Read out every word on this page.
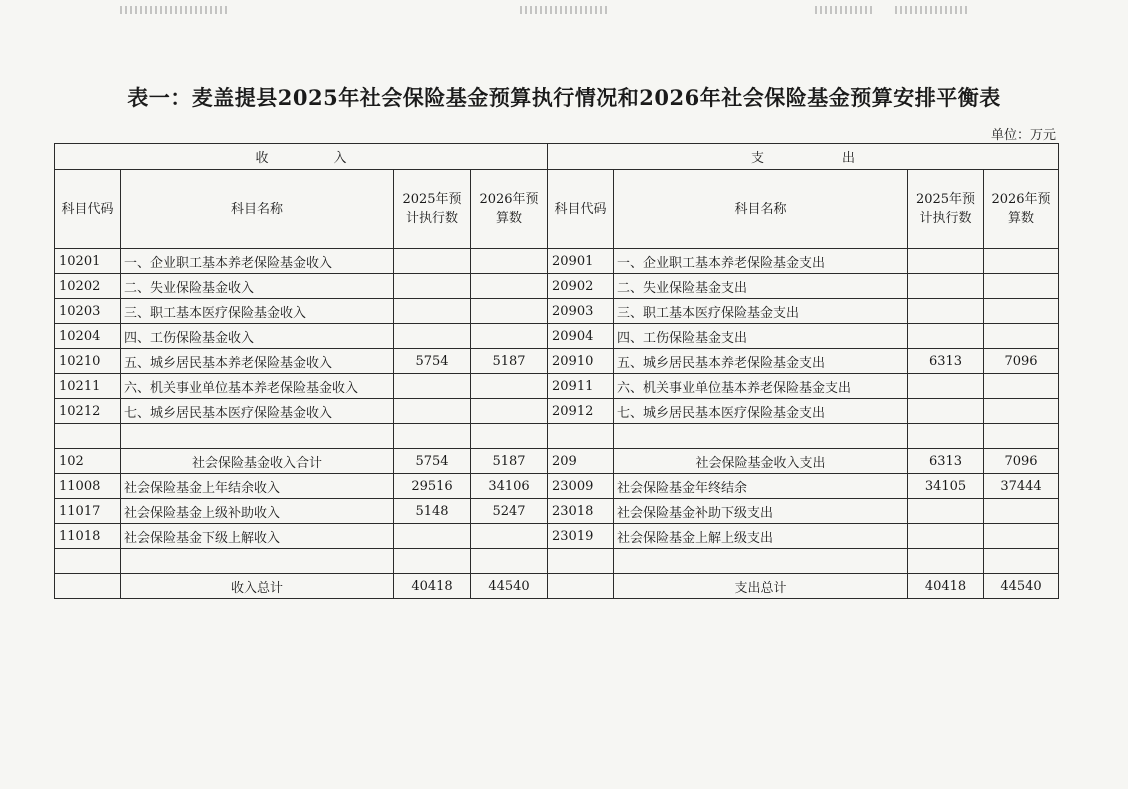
表一：麦盖提县2025年社会保险基金预算执行情况和2026年社会保险基金预算安排平衡表
单位：万元
收　　　　　入				支　　　　　　出			
科目代码	科目名称	2025年预计执行数	2026年预算数	科目代码	科目名称	2025年预计执行数	2026年预算数
10201	一、企业职工基本养老保险基金收入			20901	一、企业职工基本养老保险基金支出		
10202	二、失业保险基金收入			20902	二、失业保险基金支出		
10203	三、职工基本医疗保险基金收入			20903	三、职工基本医疗保险基金支出		
10204	四、工伤保险基金收入			20904	四、工伤保险基金支出		
10210	五、城乡居民基本养老保险基金收入	5754	5187	20910	五、城乡居民基本养老保险基金支出	6313	7096
10211	六、机关事业单位基本养老保险基金收入			20911	六、机关事业单位基本养老保险基金支出		
10212	七、城乡居民基本医疗保险基金收入			20912	七、城乡居民基本医疗保险基金支出		

102	社会保险基金收入合计	5754	5187	209	社会保险基金收入支出	6313	7096
11008	社会保险基金上年结余收入	29516	34106	23009	社会保险基金年终结余	34105	37444
11017	社会保险基金上级补助收入	5148	5247	23018	社会保险基金补助下级支出		
11018	社会保险基金下级上解收入			23019	社会保险基金上解上级支出		

	收入总计	40418	44540		支出总计	40418	44540
